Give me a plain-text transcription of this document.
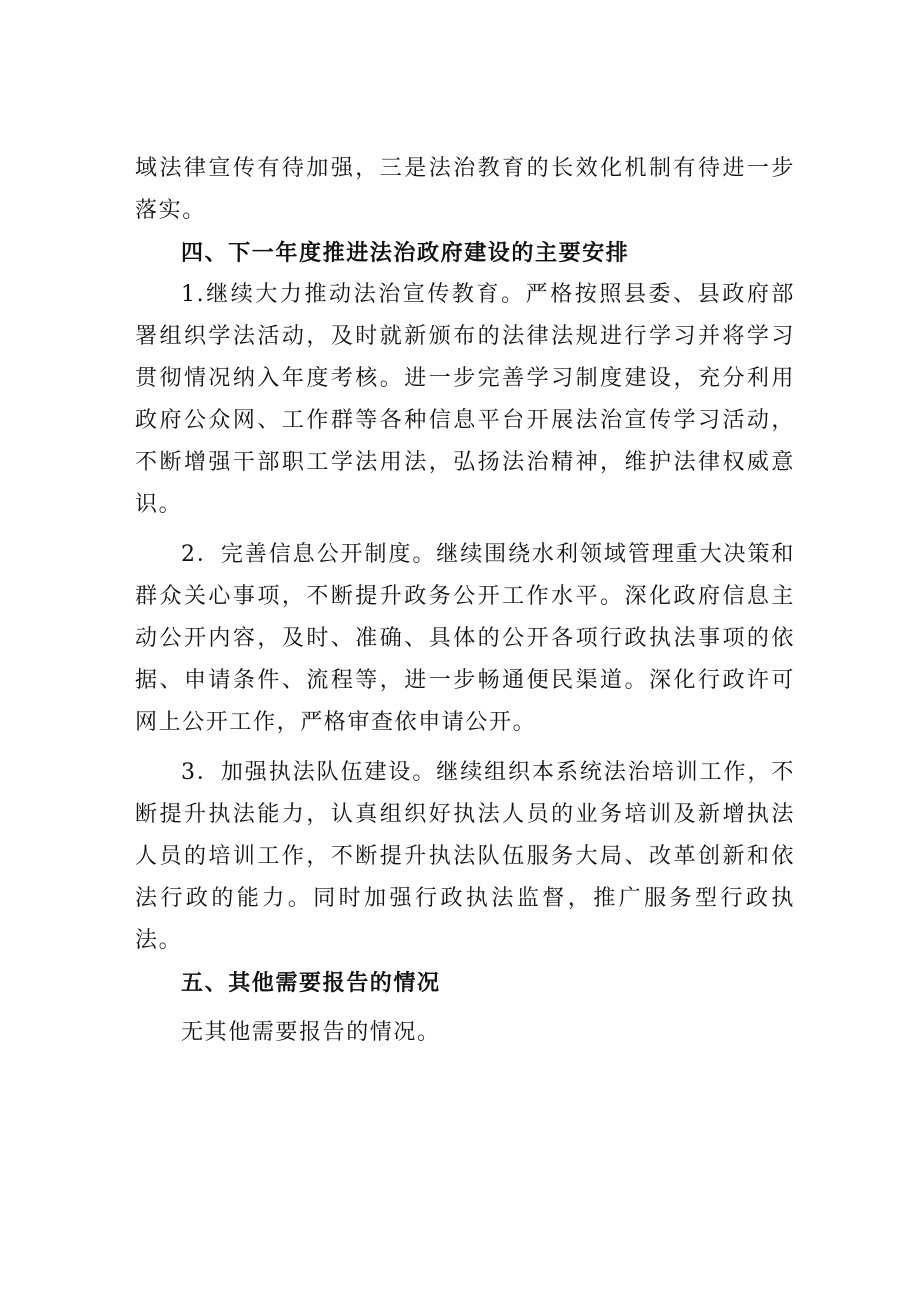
域法律宣传有待加强，三是法治教育的长效化机制有待进一步落实。

四、下一年度推进法治政府建设的主要安排

1.继续大力推动法治宣传教育。严格按照县委、县政府部署组织学法活动，及时就新颁布的法律法规进行学习并将学习贯彻情况纳入年度考核。进一步完善学习制度建设，充分利用政府公众网、工作群等各种信息平台开展法治宣传学习活动，不断增强干部职工学法用法，弘扬法治精神，维护法律权威意识。

2．完善信息公开制度。继续围绕水利领域管理重大决策和群众关心事项，不断提升政务公开工作水平。深化政府信息主动公开内容，及时、准确、具体的公开各项行政执法事项的依据、申请条件、流程等，进一步畅通便民渠道。深化行政许可网上公开工作，严格审查依申请公开。

3．加强执法队伍建设。继续组织本系统法治培训工作，不断提升执法能力，认真组织好执法人员的业务培训及新增执法人员的培训工作，不断提升执法队伍服务大局、改革创新和依法行政的能力。同时加强行政执法监督，推广服务型行政执法。

五、其他需要报告的情况

无其他需要报告的情况。
